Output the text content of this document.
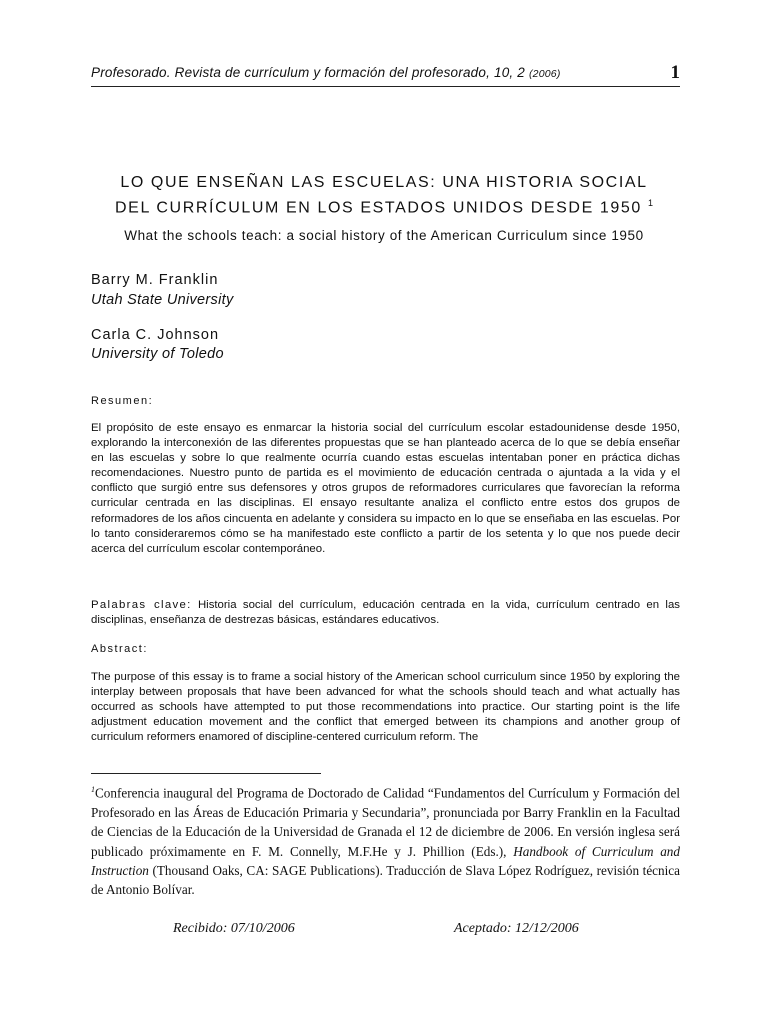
Profesorado. Revista de currículum y formación del profesorado, 10, 2 (2006)	1
LO QUE ENSEÑAN LAS ESCUELAS: UNA HISTORIA SOCIAL
DEL CURRÍCULUM EN LOS ESTADOS UNIDOS DESDE 1950 $^1$
What the schools teach: a social history of the American Curriculum since 1950
Barry M. Franklin
Utah State University
Carla C. Johnson
University of Toledo
Resumen:
El propósito de este ensayo es enmarcar la historia social del currículum escolar estadounidense desde 1950, explorando la interconexión de las diferentes propuestas que se han planteado acerca de lo que se debía enseñar en las escuelas y sobre lo que realmente ocurría cuando estas escuelas intentaban poner en práctica dichas recomendaciones. Nuestro punto de partida es el movimiento de educación centrada o ajuntada a la vida y el conflicto que surgió entre sus defensores y otros grupos de reformadores curriculares que favorecían la reforma curricular centrada en las disciplinas. El ensayo resultante analiza el conflicto entre estos dos grupos de reformadores de los años cincuenta en adelante y considera su impacto en lo que se enseñaba en las escuelas. Por lo tanto consideraremos cómo se ha manifestado este conflicto a partir de los setenta y lo que nos puede decir acerca del currículum escolar contemporáneo.
Palabras clave: Historia social del currículum, educación centrada en la vida, currículum centrado en las disciplinas, enseñanza de destrezas básicas, estándares educativos.
Abstract:
The purpose of this essay is to frame a social history of the American school curriculum since 1950 by exploring the interplay between proposals that have been advanced for what the schools should teach and what actually has occurred as schools have attempted to put those recommendations into practice. Our starting point is the life adjustment education movement and the conflict that emerged between its champions and another group of curriculum reformers enamored of discipline-centered curriculum reform. The
$^1$Conferencia inaugural del Programa de Doctorado de Calidad “Fundamentos del Currículum y Formación del Profesorado en las Áreas de Educación Primaria y Secundaria”, pronunciada por Barry Franklin en la Facultad de Ciencias de la Educación de la Universidad de Granada el 12 de diciembre de 2006. En versión inglesa será publicado próximamente en F. M. Connelly, M.F.He y J. Phillion (Eds.), Handbook of Curriculum and Instruction (Thousand Oaks, CA: SAGE Publications). Traducción de Slava López Rodríguez, revisión técnica de Antonio Bolívar.
Recibido: 07/10/2006	Aceptado: 12/12/2006
